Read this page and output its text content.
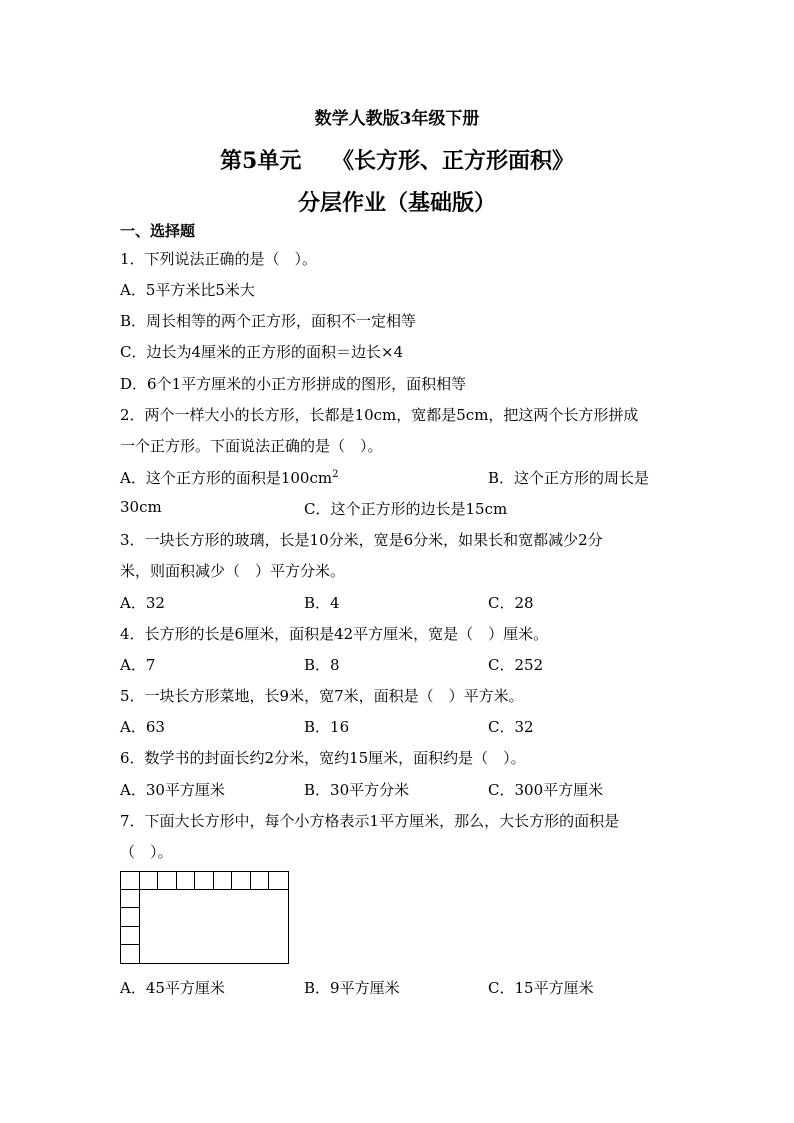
数学人教版3年级下册
第5单元    《长方形、正方形面积》
分层作业（基础版）
一、选择题
1．下列说法正确的是（　）。
A．5平方米比5米大
B．周长相等的两个正方形，面积不一定相等
C．边长为4厘米的正方形的面积＝边长×4
D．6个1平方厘米的小正方形拼成的图形，面积相等
2．两个一样大小的长方形，长都是10cm，宽都是5cm，把这两个长方形拼成
一个正方形。下面说法正确的是（　）。
A．这个正方形的面积是$100cm^2$	B．这个正方形的周长是
30cm	C．这个正方形的边长是15cm
3．一块长方形的玻璃，长是10分米，宽是6分米，如果长和宽都减少2分
米，则面积减少（　）平方分米。
A．32	B．4	C．28
4．长方形的长是6厘米，面积是42平方厘米，宽是（　）厘米。
A．7	B．8	C．252
5．一块长方形菜地，长9米，宽7米，面积是（　）平方米。
A．63	B．16	C．32
6．数学书的封面长约2分米，宽约15厘米，面积约是（　）。
A．30平方厘米	B．30平方分米	C．300平方厘米
7．下面大长方形中，每个小方格表示1平方厘米，那么，大长方形的面积是
（　）。
A．45平方厘米	B．9平方厘米	C．15平方厘米
